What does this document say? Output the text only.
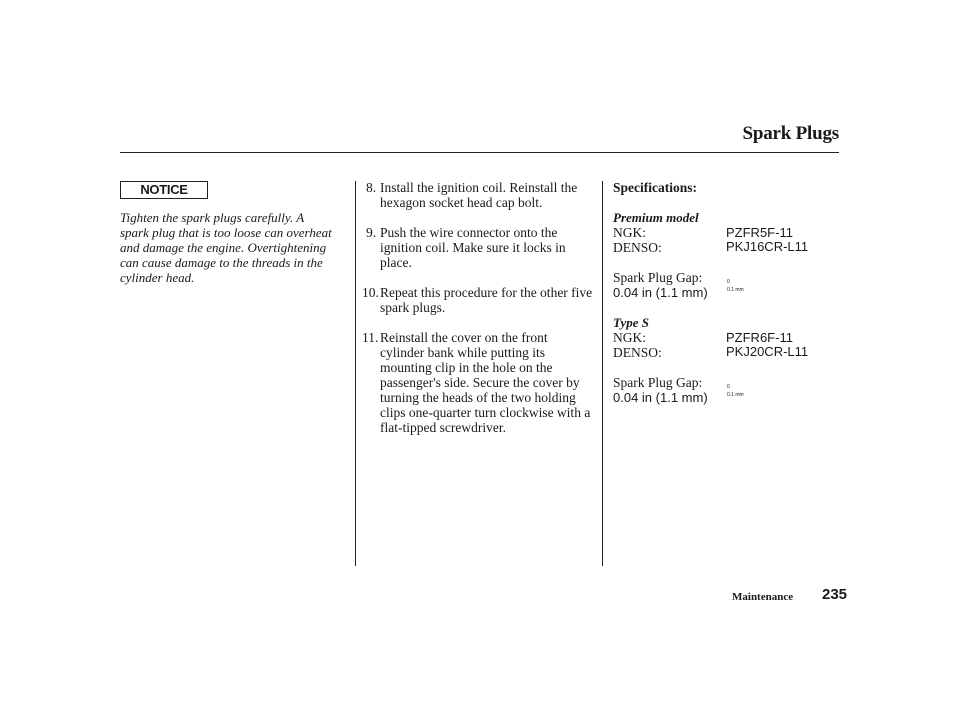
Spark Plugs
NOTICE
Tighten the spark plugs carefully. A spark plug that is too loose can overheat and damage the engine. Overtightening can cause damage to the threads in the cylinder head.
8. Install the ignition coil. Reinstall the hexagon socket head cap bolt.
9. Push the wire connector onto the ignition coil. Make sure it locks in place.
10. Repeat this procedure for the other five spark plugs.
11. Reinstall the cover on the front cylinder bank while putting its mounting clip in the hole on the passenger's side. Secure the cover by turning the heads of the two holding clips one-quarter turn clockwise with a flat-tipped screwdriver.
Specifications:
Premium model
NGK:	PZFR5F-11
DENSO:	PKJ16CR-L11
Spark Plug Gap:
0.04 in (1.1 mm)
0
0.1 mm
Type S
NGK:	PZFR6F-11
DENSO:	PKJ20CR-L11
Spark Plug Gap:
0.04 in (1.1 mm)
0
0.1 mm
Maintenance 235
